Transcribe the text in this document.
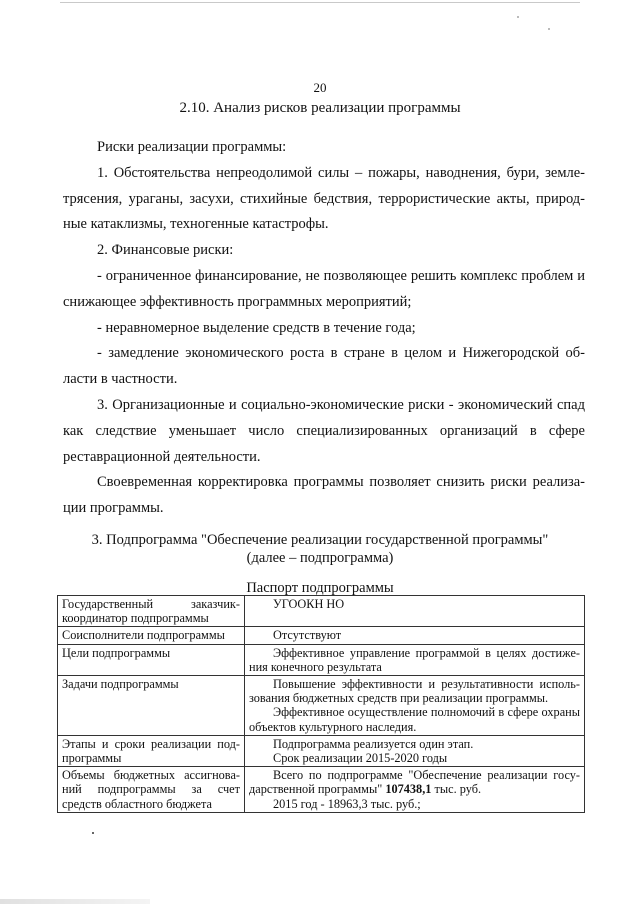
20
2.10. Анализ рисков реализации программы

Риски реализации программы:

1. Обстоятельства непреодолимой силы – пожары, наводнения, бури, земле-трясения, ураганы, засухи, стихийные бедствия, террористические акты, природ-ные катаклизмы, техногенные катастрофы.

2. Финансовые риски:

- ограниченное финансирование, не позволяющее решить комплекс проблем и снижающее эффективность программных мероприятий;

- неравномерное выделение средств в течение года;

- замедление экономического роста в стране в целом и Нижегородской об-ласти в частности.

3. Организационные и социально-экономические риски - экономический спад как следствие уменьшает число специализированных организаций в сфере реставрационной деятельности.

Своевременная корректировка программы позволяет снизить риски реализа-ции программы.

3. Подпрограмма "Обеспечение реализации государственной программы"
(далее – подпрограмма)
Паспорт подпрограммы
Государственный заказчик-координатор подпрограммы	УГООКН НО

Соисполнители подпрограммы	Отсутствуют

Цели подпрограммы	Эффективное управление программой в целях достиже-ния конечного результата

Задачи подпрограммы	Повышение эффективности и результативности исполь-зования бюджетных средств при реализации программы.
Эффективное осуществление полномочий в сфере охраны объектов культурного наследия.

Этапы и сроки реализации под-программы	Подпрограмма реализуется один этап.
Срок реализации 2015-2020 годы

Объемы бюджетных ассигнова-ний подпрограммы за счет средств областного бюджета	Всего по подпрограмме "Обеспечение реализации госу-дарственной программы" 107438,1 тыс. руб.
2015 год - 18963,3 тыс. руб.;
